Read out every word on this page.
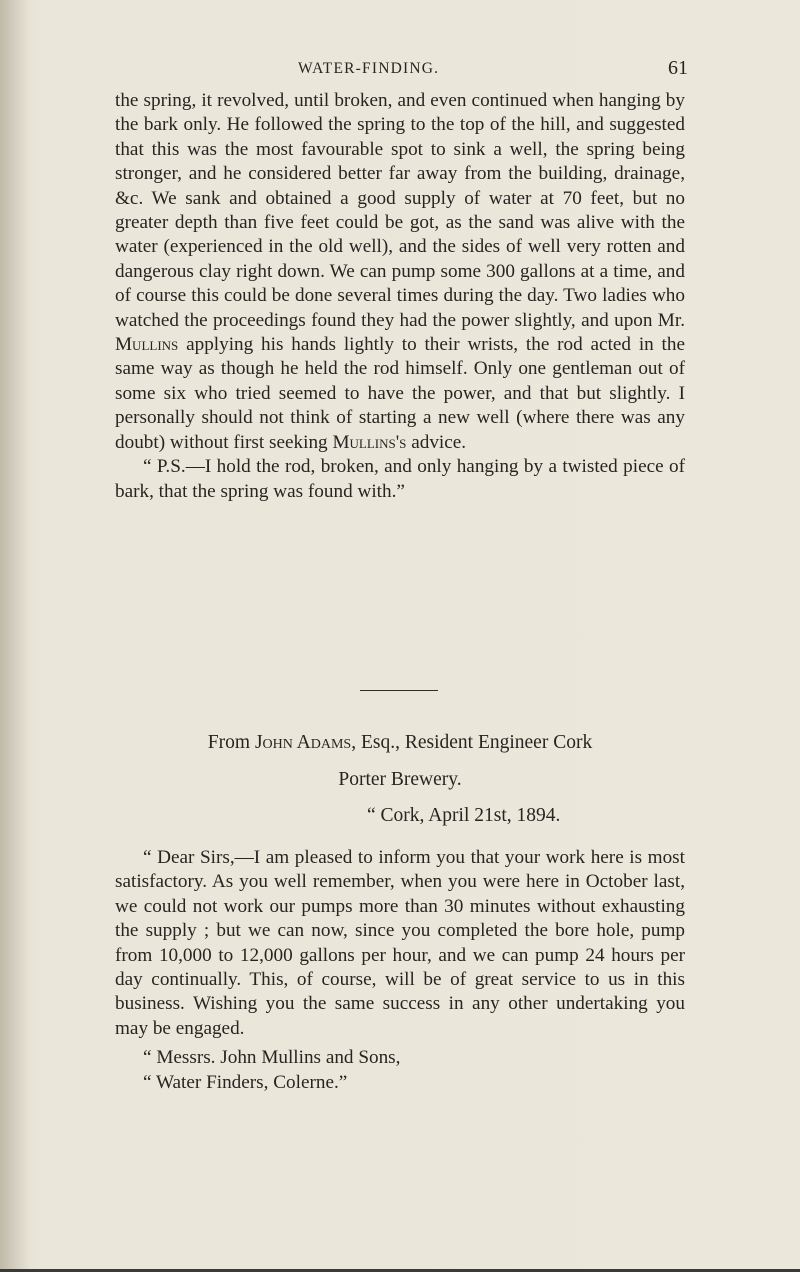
WATER-FINDING.	61

the spring, it revolved, until broken, and even continued when hanging by the bark only. He followed the spring to the top of the hill, and suggested that this was the most favourable spot to sink a well, the spring being stronger, and he considered better far away from the building, drainage, &c. We sank and obtained a good supply of water at 70 feet, but no greater depth than five feet could be got, as the sand was alive with the water (experienced in the old well), and the sides of well very rotten and dangerous clay right down. We can pump some 300 gallons at a time, and of course this could be done several times during the day. Two ladies who watched the proceedings found they had the power slightly, and upon Mr. Mullins applying his hands lightly to their wrists, the rod acted in the same way as though he held the rod himself. Only one gentleman out of some six who tried seemed to have the power, and that but slightly. I personally should not think of starting a new well (where there was any doubt) without first seeking Mullins's advice.

“ P.S.—I hold the rod, broken, and only hanging by a twisted piece of bark, that the spring was found with.”

From John Adams, Esq., Resident Engineer Cork
Porter Brewery.
“ Cork, April 21st, 1894.

“ Dear Sirs,—I am pleased to inform you that your work here is most satisfactory. As you well remember, when you were here in October last, we could not work our pumps more than 30 minutes without exhausting the supply ; but we can now, since you completed the bore hole, pump from 10,000 to 12,000 gallons per hour, and we can pump 24 hours per day continually. This, of course, will be of great service to us in this business. Wishing you the same success in any other undertaking you may be engaged.

“ Messrs. John Mullins and Sons,

“ Water Finders, Colerne.”
